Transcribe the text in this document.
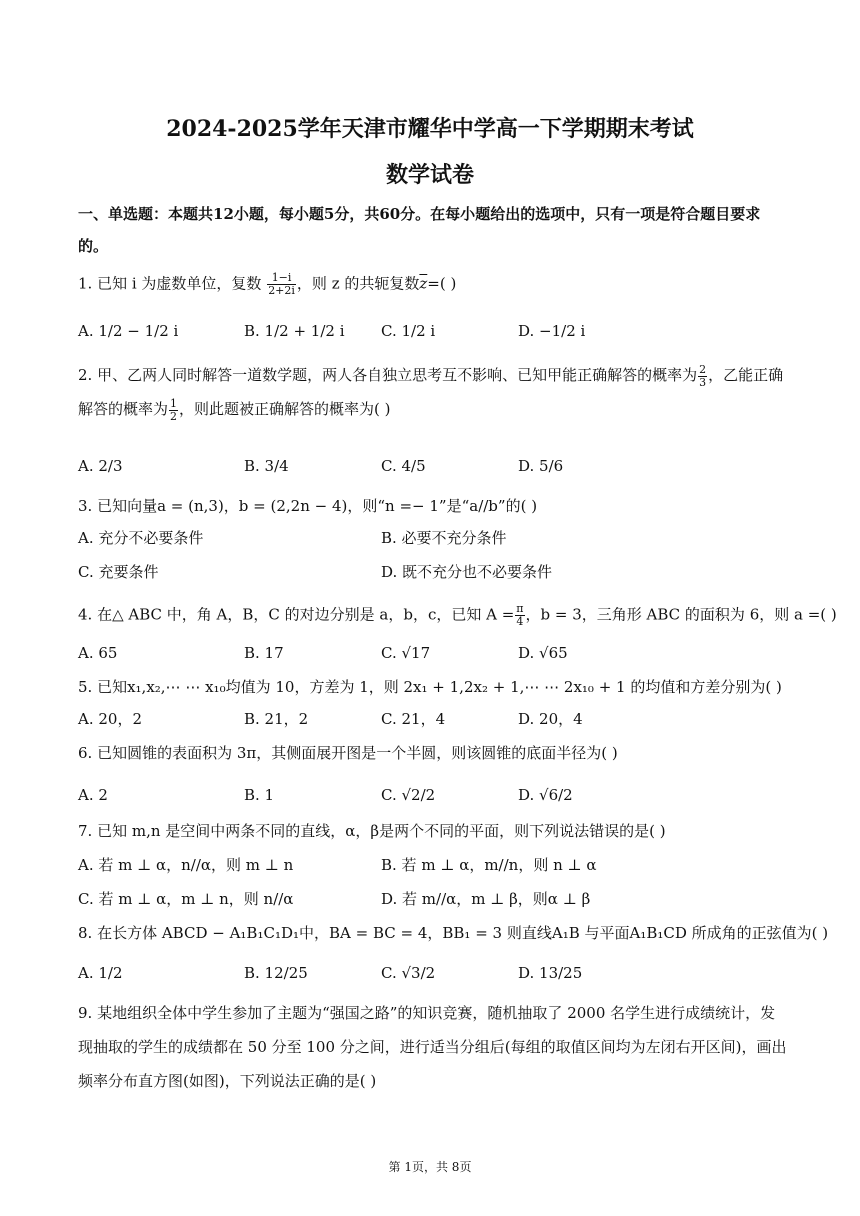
2024-2025学年天津市耀华中学高一下学期期末考试
数学试卷
一、单选题：本题共12小题，每小题5分，共60分。在每小题给出的选项中，只有一项是符合题目要求的。
1. 已知 i 为虚数单位，复数 $\frac{1-i}{2+2i}$ ，则 z 的共轭复数$\overline{z}=$( )
A. 1/2 − 1/2 i	B. 1/2 + 1/2 i C. 1/2 i	D. −1/2 i
2. 甲、乙两人同时解答一道数学题，两人各自独立思考互不影响、已知甲能正确解答的概率为 $\frac{2}{3}$ ，乙能正确解答的概率为 $\frac{1}{2}$ ，则此题被正确解答的概率为( )
A. 2/3	B. 3/4	C. 4/5	D. 5/6
3. 已知向量a = (n,3)，b = (2,2n − 4)，则“n =− 1”是“a//b”的( )
A. 充分不必要条件	B. 必要不充分条件
C. 充要条件	D. 既不充分也不必要条件
4. 在△ ABC 中，角 A，B，C 的对边分别是 a，b，c，已知 $A = \frac{\pi}{4}$ ，b = 3，三角形 ABC 的面积为 6，则 a =( )
A. 65	B. 17	C. √17	D. √65
5. 已知x₁,x₂,⋯ ⋯ x₁₀均值为 10，方差为 1，则 2x₁ + 1,2x₂ + 1,⋯ ⋯ 2x₁₀ + 1 的均值和方差分别为( )
A. 20，2	B. 21，2	C. 21，4	D. 20，4
6. 已知圆锥的表面积为 3π，其侧面展开图是一个半圆，则该圆锥的底面半径为( )
A. 2	B. 1	C. √2/2	D. √6/2
7. 已知 m,n 是空间中两条不同的直线，α，β是两个不同的平面，则下列说法错误的是( )
A. 若 m ⊥ α，n//α，则 m ⊥ n	B. 若 m ⊥ α，m//n，则 n ⊥ α
C. 若 m ⊥ α，m ⊥ n，则 n//α	D. 若 m//α，m ⊥ β，则α ⊥ β
8. 在长方体 ABCD − A₁B₁C₁D₁中，BA = BC = 4，BB₁ = 3 则直线A₁B 与平面A₁B₁CD 所成角的正弦值为( )
A. 1/2	B. 12/25	C. √3/2	D. 13/25
9. 某地组织全体中学生参加了主题为“强国之路”的知识竞赛，随机抽取了 2000 名学生进行成绩统计，发现抽取的学生的成绩都在 50 分至 100 分之间，进行适当分组后(每组的取值区间均为左闭右开区间)，画出频率分布直方图(如图)，下列说法正确的是( )
第 1页，共 8页
